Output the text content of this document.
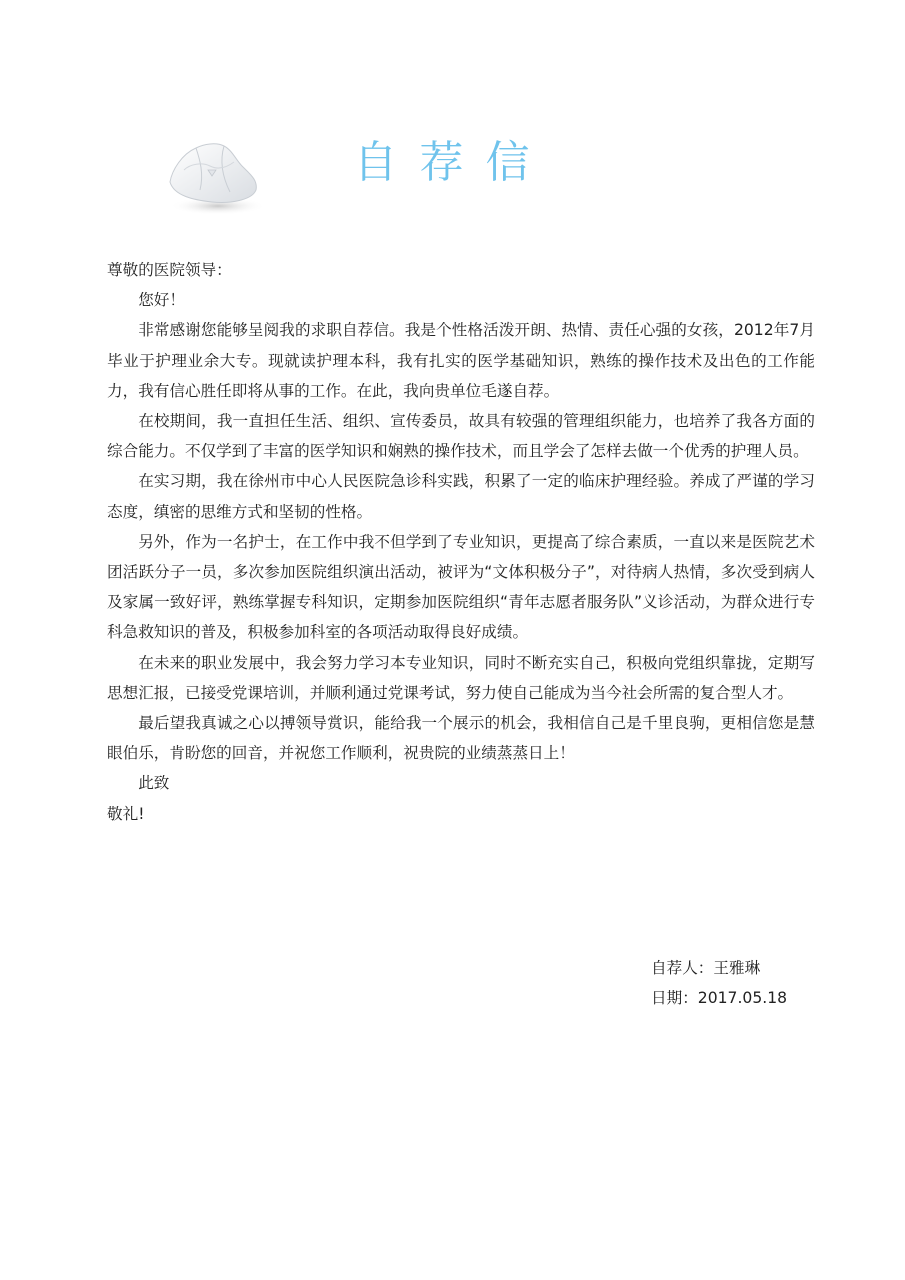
自荐信

尊敬的医院领导：

您好！

非常感谢您能够呈阅我的求职自荐信。我是个性格活泼开朗、热情、责任心强的女孩，2012年7月毕业于护理业余大专。现就读护理本科，我有扎实的医学基础知识，熟练的操作技术及出色的工作能力，我有信心胜任即将从事的工作。在此，我向贵单位毛遂自荐。

在校期间，我一直担任生活、组织、宣传委员，故具有较强的管理组织能力，也培养了我各方面的综合能力。不仅学到了丰富的医学知识和娴熟的操作技术，而且学会了怎样去做一个优秀的护理人员。

在实习期，我在徐州市中心人民医院急诊科实践，积累了一定的临床护理经验。养成了严谨的学习态度，缜密的思维方式和坚韧的性格。

另外，作为一名护士，在工作中我不但学到了专业知识，更提高了综合素质，一直以来是医院艺术团活跃分子一员，多次参加医院组织演出活动，被评为“文体积极分子”，对待病人热情，多次受到病人及家属一致好评，熟练掌握专科知识，定期参加医院组织“青年志愿者服务队”义诊活动，为群众进行专科急救知识的普及，积极参加科室的各项活动取得良好成绩。

在未来的职业发展中，我会努力学习本专业知识，同时不断充实自己，积极向党组织靠拢，定期写思想汇报，已接受党课培训，并顺利通过党课考试，努力使自己能成为当今社会所需的复合型人才。

最后望我真诚之心以搏领导赏识，能给我一个展示的机会，我相信自己是千里良驹，更相信您是慧眼伯乐，肯盼您的回音，并祝您工作顺利，祝贵院的业绩蒸蒸日上！

此致

敬礼!

自荐人：王雅琳

日期：2017.05.18
